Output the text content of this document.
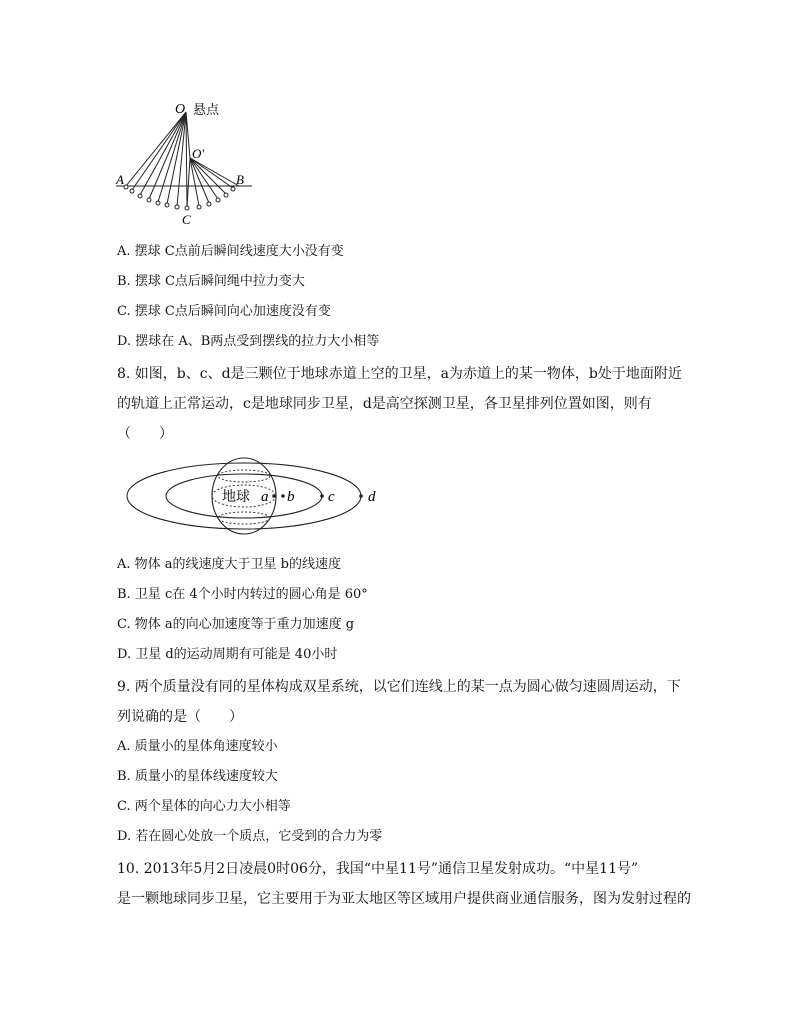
O 悬点
O′
A	B
C
A. 摆球 C点前后瞬间线速度大小没有变
B. 摆球 C点后瞬间绳中拉力变大
C. 摆球 C点后瞬间向心加速度没有变
D. 摆球在 A、B两点受到摆线的拉力大小相等
8. 如图，b、c、d是三颗位于地球赤道上空的卫星，a为赤道上的某一物体，b处于地面附近
的轨道上正常运动，c是地球同步卫星，d是高空探测卫星，各卫星排列位置如图，则有
（　　）
地球 a b c d
A. 物体 a的线速度大于卫星 b的线速度
B. 卫星 c在 4个小时内转过的圆心角是 60°
C. 物体 a的向心加速度等于重力加速度 g
D. 卫星 d的运动周期有可能是 40小时
9. 两个质量没有同的星体构成双星系统，以它们连线上的某一点为圆心做匀速圆周运动，下
列说确的是（　　）
A. 质量小的星体角速度较小
B. 质量小的星体线速度较大
C. 两个星体的向心力大小相等
D. 若在圆心处放一个质点，它受到的合力为零
10. 2013年5月2日凌晨0时06分，我国“中星11号”通信卫星发射成功。“中星11号”
是一颗地球同步卫星，它主要用于为亚太地区等区域用户提供商业通信服务，图为发射过程的
